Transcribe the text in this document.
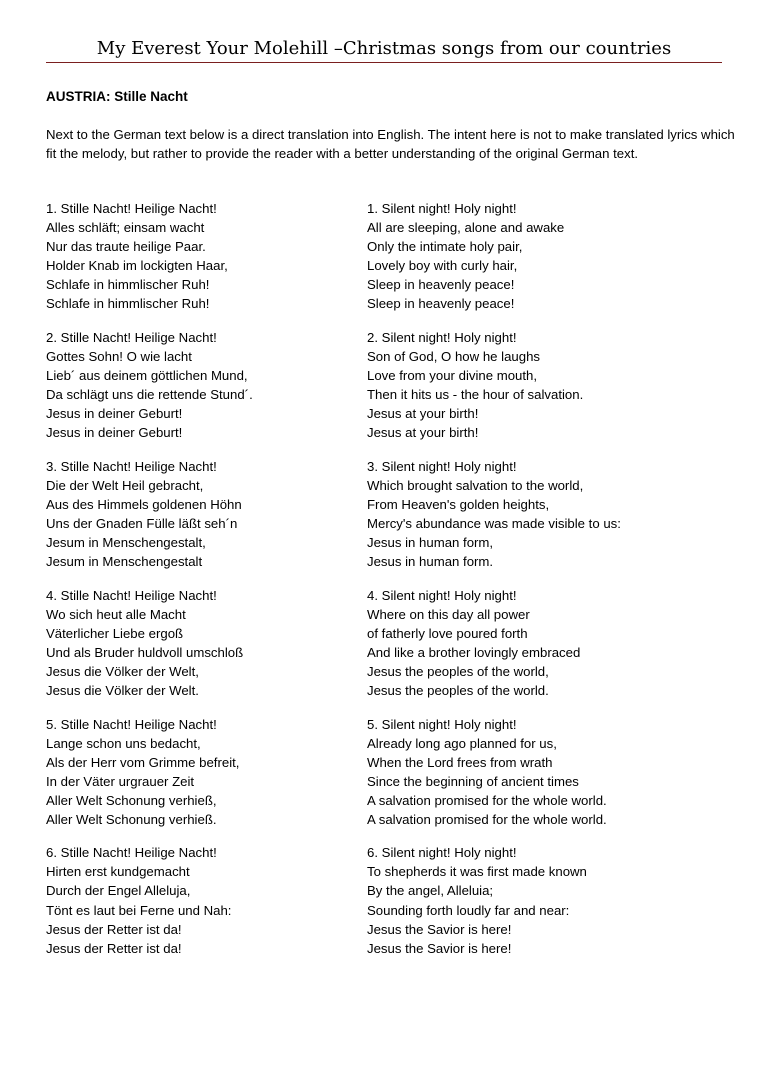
My Everest Your Molehill –Christmas songs from our countries
AUSTRIA: Stille Nacht
Next to the German text below is a direct translation into English. The intent here is not to make translated lyrics which fit the melody, but rather to provide the reader with a better understanding of the original German text.
1. Stille Nacht! Heilige Nacht!
Alles schläft; einsam wacht
Nur das traute heilige Paar.
Holder Knab im lockigten Haar,
Schlafe in himmlischer Ruh!
Schlafe in himmlischer Ruh!
1. Silent night! Holy night!
All are sleeping, alone and awake
Only the intimate holy pair,
Lovely boy with curly hair,
Sleep in heavenly peace!
Sleep in heavenly peace!
2. Stille Nacht! Heilige Nacht!
Gottes Sohn! O wie lacht
Lieb´ aus deinem göttlichen Mund,
Da schlägt uns die rettende Stund´.
Jesus in deiner Geburt!
Jesus in deiner Geburt!
2. Silent night! Holy night!
Son of God, O how he laughs
Love from your divine mouth,
Then it hits us - the hour of salvation.
Jesus at your birth!
Jesus at your birth!
3. Stille Nacht! Heilige Nacht!
Die der Welt Heil gebracht,
Aus des Himmels goldenen Höhn
Uns der Gnaden Fülle läßt seh´n
Jesum in Menschengestalt,
Jesum in Menschengestalt
3. Silent night! Holy night!
Which brought salvation to the world,
From Heaven's golden heights,
Mercy's abundance was made visible to us:
Jesus in human form,
Jesus in human form.
4. Stille Nacht! Heilige Nacht!
Wo sich heut alle Macht
Väterlicher Liebe ergoß
Und als Bruder huldvoll umschloß
Jesus die Völker der Welt,
Jesus die Völker der Welt.
4. Silent night! Holy night!
Where on this day all power
of fatherly love poured forth
And like a brother lovingly embraced
Jesus the peoples of the world,
Jesus the peoples of the world.
5. Stille Nacht! Heilige Nacht!
Lange schon uns bedacht,
Als der Herr vom Grimme befreit,
In der Väter urgrauer Zeit
Aller Welt Schonung verhieß,
Aller Welt Schonung verhieß.
5. Silent night! Holy night!
Already long ago planned for us,
When the Lord frees from wrath
Since the beginning of ancient times
A salvation promised for the whole world.
A salvation promised for the whole world.
6. Stille Nacht! Heilige Nacht!
Hirten erst kundgemacht
Durch der Engel Alleluja,
Tönt es laut bei Ferne und Nah:
Jesus der Retter ist da!
Jesus der Retter ist da!
6. Silent night! Holy night!
To shepherds it was first made known
By the angel, Alleluia;
Sounding forth loudly far and near:
Jesus the Savior is here!
Jesus the Savior is here!
